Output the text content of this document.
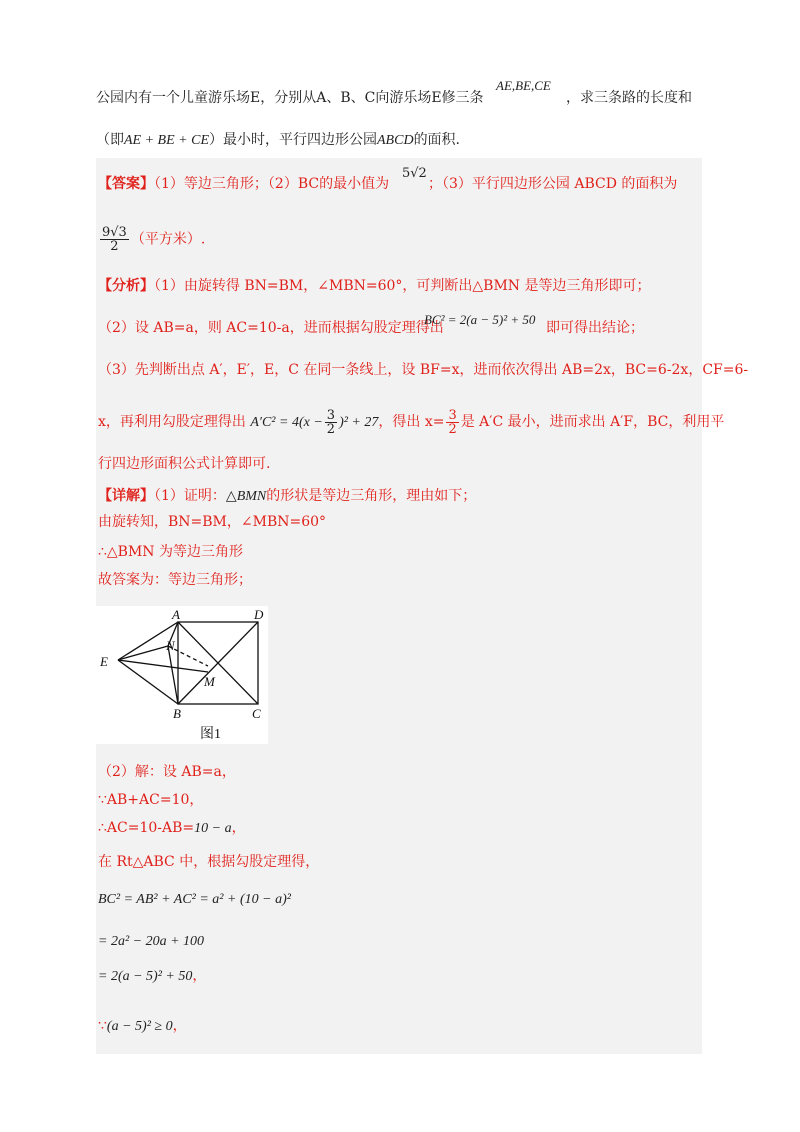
公园内有一个儿童游乐场E，分别从A、B、C向游乐场E修三条
AE,BE,CE
，求三条路的长度和
（即AE + BE + CE）最小时，平行四边形公园ABCD的面积.
【答案】（1）等边三角形；（2）BC的最小值为
5√2
；（3）平行四边形公园 ABCD 的面积为
$\frac{9√3}{2}$ （平方米）.
【分析】（1）由旋转得 BN=BM，∠MBN=60°，可判断出△BMN 是等边三角形即可；
（2）设 AB=a，则 AC=10-a，进而根据勾股定理得出
BC² = 2(a − 5)² + 50
即可得出结论；
（3）先判断出点 A′，E′，E，C 在同一条线上，设 BF=x，进而依次得出 AB=2x，BC=6-2x，CF=6-
x，再利用勾股定理得出 $A'C^2 = 4(x - \frac{3}{2} )^2 + 27$，得出 $x= \frac{3}{2}$ 是 A′C 最小，进而求出 A′F，BC，利用平
行四边形面积公式计算即可.
【详解】（1）证明：△BMN的形状是等边三角形，理由如下；
由旋转知，BN=BM，∠MBN=60°
∴△BMN 为等边三角形
故答案为：等边三角形；
A	D
E
N
M
B	C
图1
（2）解：设 AB=a，
∵AB+AC=10，
∴AC=10-AB=10 − a，
在 Rt△ABC 中，根据勾股定理得，
BC² = AB² + AC² = a² + (10 − a)²
= 2a² − 20a + 100
= 2(a − 5)² + 50，
∵(a − 5)² ≥ 0，
